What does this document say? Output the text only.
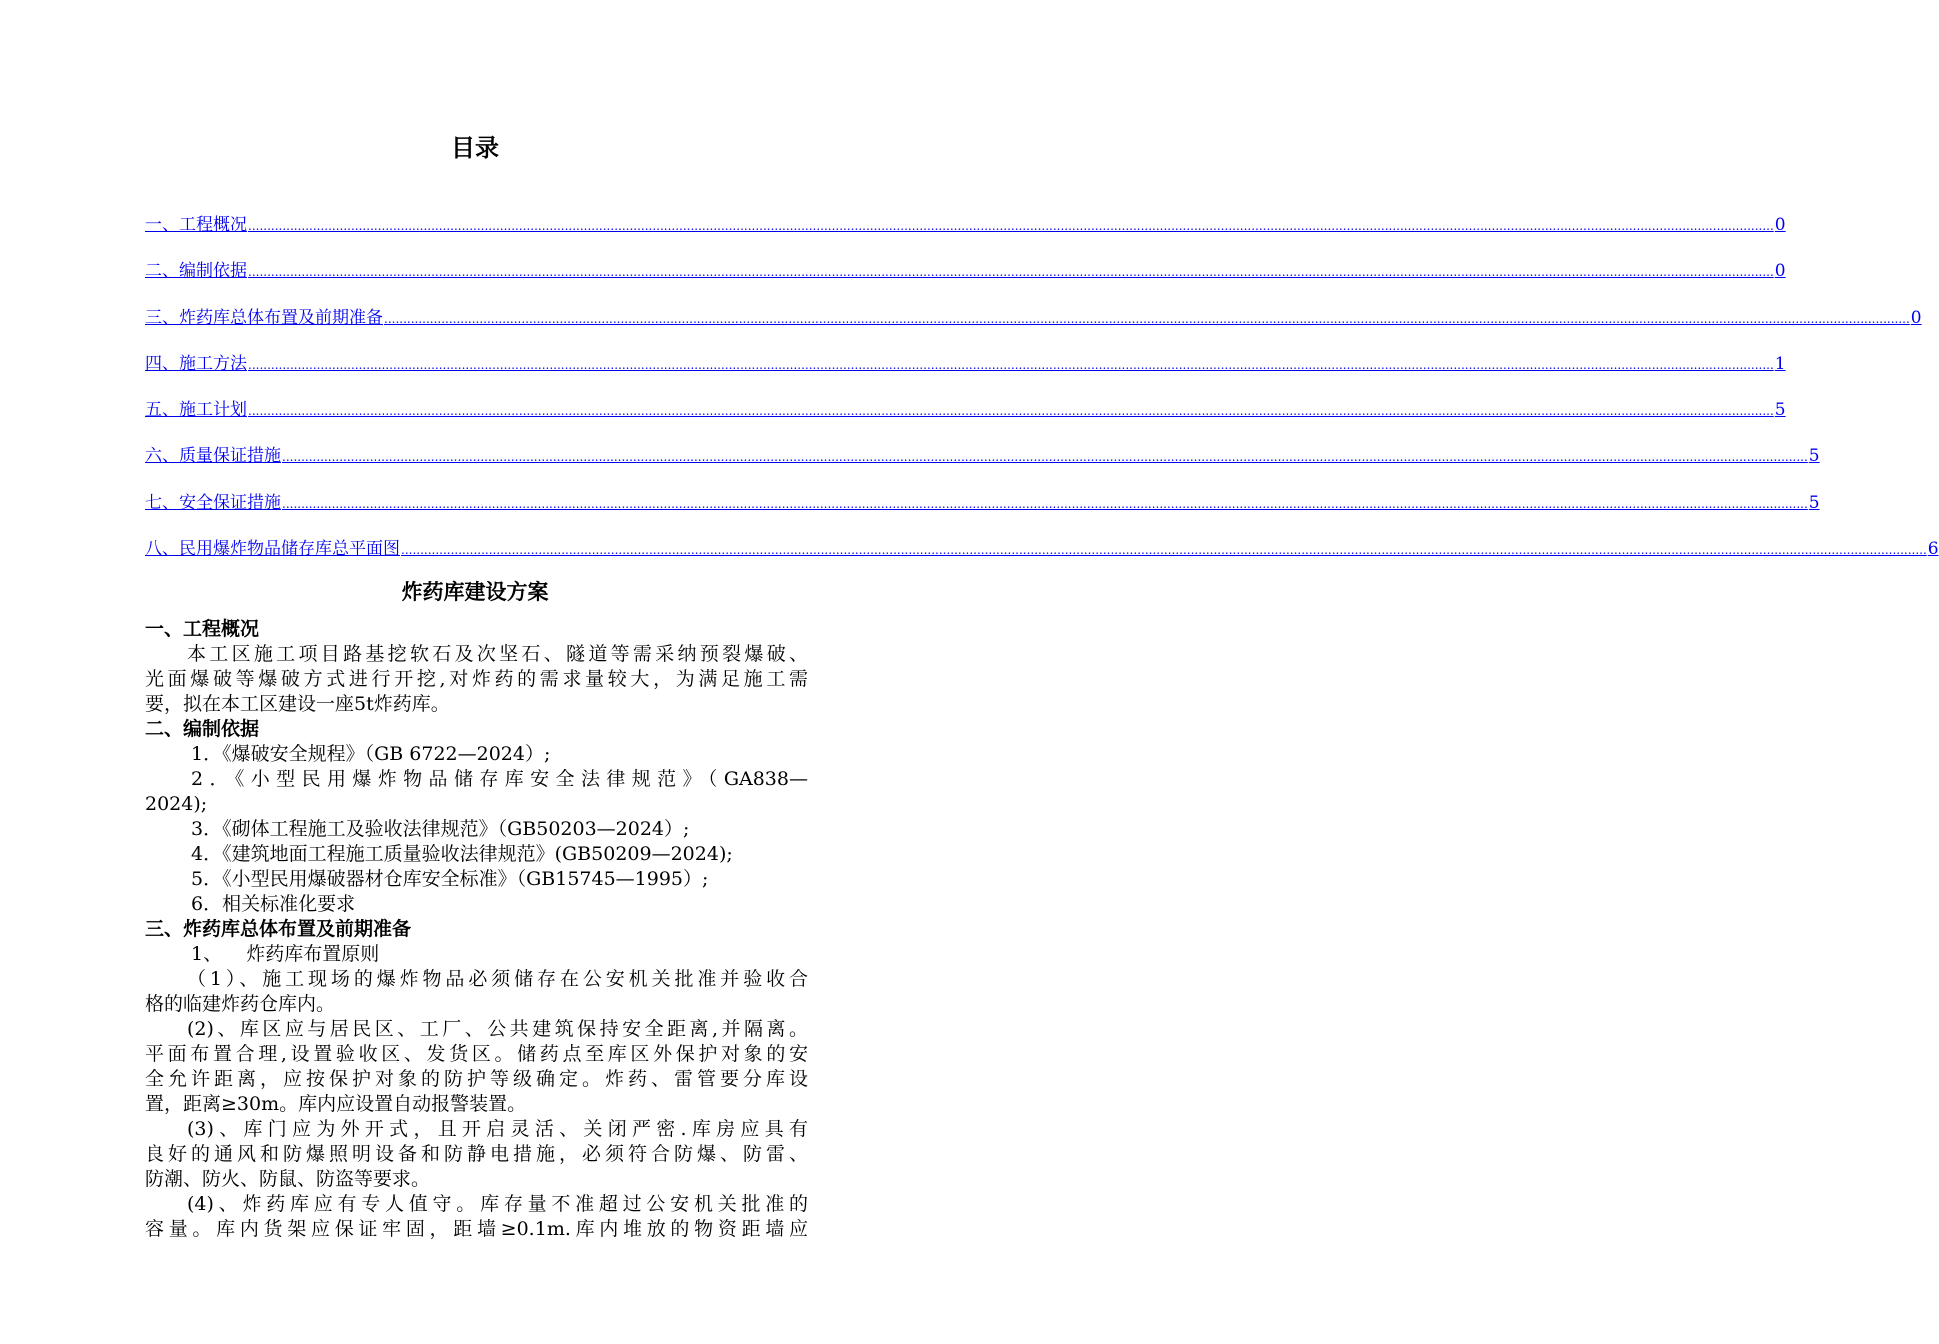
目录
一、 工程概况 ................................................................................................................................................................................................................................................................................................................................................................................................................ 0
二、 编制依据 ................................................................................................................................................................................................................................................................................................................................................................................................................ 0
三、 炸药库总体布置及前期准备 ................................................................................................................................................................................................................................................................................................................................................................................................................ 0
四、 施工方法 ................................................................................................................................................................................................................................................................................................................................................................................................................ 1
五、 施工计划 ................................................................................................................................................................................................................................................................................................................................................................................................................ 5
六、 质量保证措施 ................................................................................................................................................................................................................................................................................................................................................................................................................ 5
七、 安全保证措施 ................................................................................................................................................................................................................................................................................................................................................................................................................ 5
八、 民用爆炸物品储存库总平面图 ................................................................................................................................................................................................................................................................................................................................................................................................................ 6
炸药库建设方案
一、工程概况
本工区施工项目路基挖软石及次坚石、隧道等需采纳预裂爆破、
光面爆破等爆破方式进行开挖,对炸药的需求量较大，为满足施工需
要，拟在本工区建设一座5t炸药库。
二、编制依据
1．《爆破安全规程》（GB 6722—2024）;
2．《小型民用爆炸物品储存库安全法律规范》（GA838—
2024);
3．《砌体工程施工及验收法律规范》（GB50203—2024）;
4．《建筑地面工程施工质量验收法律规范》(GB50209—2024);
5．《小型民用爆破器材仓库安全标准》（GB15745—1995）;
6．相关标准化要求
三、炸药库总体布置及前期准备
1、    炸药库布置原则
（1）、施工现场的爆炸物品必须储存在公安机关批准并验收合
格的临建炸药仓库内。
(2)、库区应与居民区、工厂、公共建筑保持安全距离,并隔离。
平面布置合理,设置验收区、发货区。储药点至库区外保护对象的安
全允许距离，应按保护对象的防护等级确定。炸药、雷管要分库设
置，距离≥30m。库内应设置自动报警装置。
(3)、库门应为外开式，且开启灵活、关闭严密.库房应具有
良好的通风和防爆照明设备和防静电措施，必须符合防爆、防雷、
防潮、防火、防鼠、防盗等要求。
(4)、炸药库应有专人值守。库存量不准超过公安机关批准的
容量。库内货架应保证牢固，距墙≥0.1m.库内堆放的物资距墙应
